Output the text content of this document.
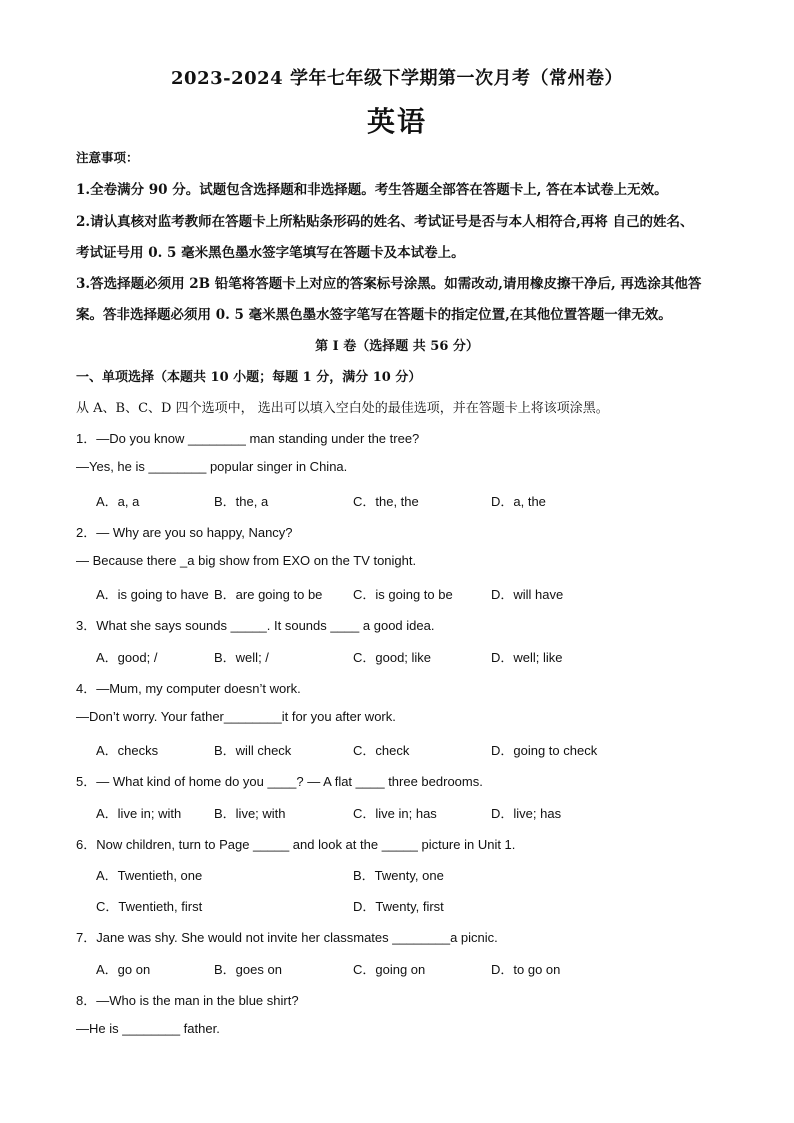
2023-2024 学年七年级下学期第一次月考（常州卷）
英语
注意事项：
1.全卷满分 90 分。试题包含选择题和非选择题。考生答题全部答在答题卡上, 答在本试卷上无效。
2.请认真核对监考教师在答题卡上所粘贴条形码的姓名、考试证号是否与本人相符合,再将 自己的姓名、
考试证号用 0. 5 毫米黑色墨水签字笔填写在答题卡及本试卷上。
3.答选择题必须用 2B 铅笔将答题卡上对应的答案标号涂黑。如需改动,请用橡皮擦干净后, 再选涂其他答
案。答非选择题必须用 0. 5 毫米黑色墨水签字笔写在答题卡的指定位置,在其他位置答题一律无效。
第 I 卷（选择题 共 56 分）
一、单项选择（本题共 10 小题；每题 1 分，满分 10 分）
从 A、B、C、D 四个选项中， 选出可以填入空白处的最佳选项，并在答题卡上将该项涂黑。
1．—Do you know ________ man standing under the tree?
—Yes, he is ________ popular singer in China.
A．a, a	B．the, a	C．the, the	D．a, the
2．— Why are you so happy, Nancy?
— Because there _a big show from EXO on the TV tonight.
A．is going to have B．are going to be C．is going to be	D．will have
3．What she says sounds _____. It sounds ____ a good idea.
A．good; /	B．well; /	C．good; like	D．well; like
4．—Mum, my computer doesn’t work.
—Don’t worry. Your father________it for you after work.
A．checks	B．will check	C．check	D．going to check
5．— What kind of home do you ____? — A flat ____ three bedrooms.
A．live in; with	B．live; with	C．live in; has	D．live; has
6．Now children, turn to Page _____ and look at the _____ picture in Unit 1.
A．Twentieth, one	B．Twenty, one
C．Twentieth, first	D．Twenty, first
7．Jane was shy. She would not invite her classmates ________a picnic.
A．go on	B．goes on	C．going on	D．to go on
8．—Who is the man in the blue shirt?
—He is ________ father.
